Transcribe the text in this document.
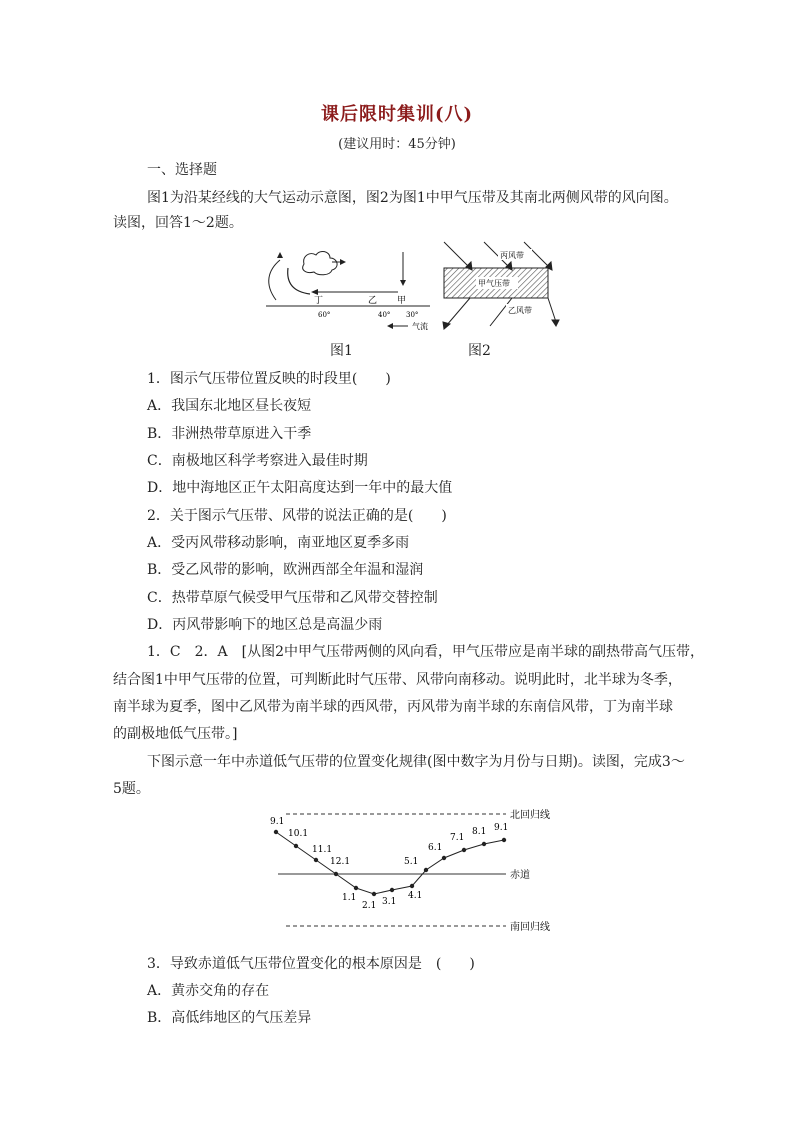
课后限时集训(八)
(建议用时：45分钟)
一、选择题
图1为沿某经线的大气运动示意图，图2为图1中甲气压带及其南北两侧风带的风向图。
读图，回答1～2题。
丁	乙 甲
60°	40° 30°
气流
图1
甲气压带
丙风带
乙风带
图2
1．图示气压带位置反映的时段里(　　)
A．我国东北地区昼长夜短
B．非洲热带草原进入干季
C．南极地区科学考察进入最佳时期
D．地中海地区正午太阳高度达到一年中的最大值
2．关于图示气压带、风带的说法正确的是(　　)
A．受丙风带移动影响，南亚地区夏季多雨
B．受乙风带的影响，欧洲西部全年温和湿润
C．热带草原气候受甲气压带和乙风带交替控制
D．丙风带影响下的地区总是高温少雨
1．C　2．A　[从图2中甲气压带两侧的风向看，甲气压带应是南半球的副热带高气压带，
结合图1中甲气压带的位置，可判断此时气压带、风带向南移动。说明此时，北半球为冬季，
南半球为夏季，图中乙风带为南半球的西风带，丙风带为南半球的东南信风带，丁为南半球
的副极地低气压带。]
下图示意一年中赤道低气压带的位置变化规律(图中数字为月份与日期)。读图，完成3～
5题。
北回归线
赤道
南回归线
9.1
10.1
11.1
12.1
1.1
2.1 3.1
4.1
5.1
6.1
7.1
8.1 9.1
3．导致赤道低气压带位置变化的根本原因是　(　　)
A．黄赤交角的存在
B．高低纬地区的气压差异
